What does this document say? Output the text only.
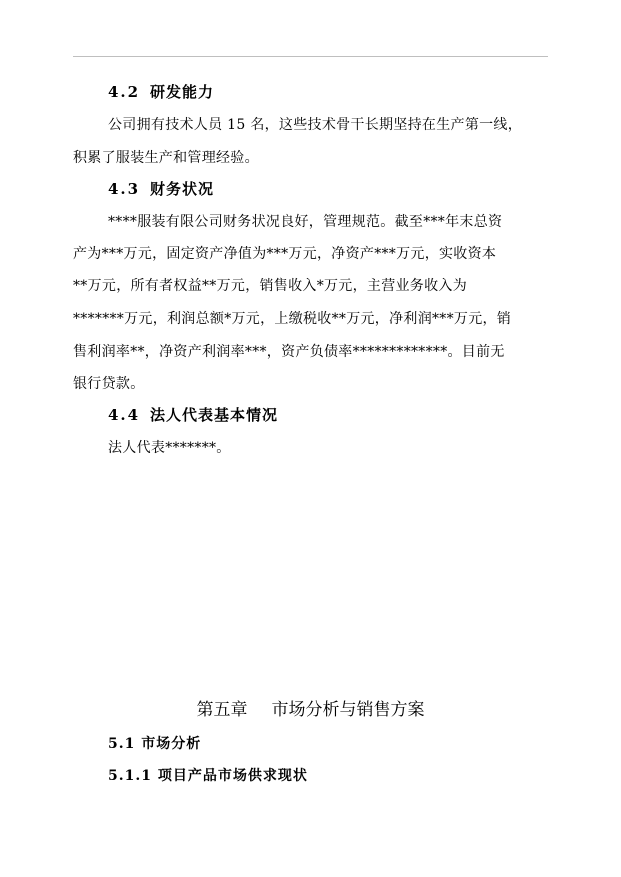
4.2 研发能力
公司拥有技术人员 15 名，这些技术骨干长期坚持在生产第一线，
积累了服装生产和管理经验。
4.3 财务状况
****服装有限公司财务状况良好，管理规范。截至***年末总资
产为***万元，固定资产净值为***万元，净资产***万元，实收资本
**万元，所有者权益**万元，销售收入*万元，主营业务收入为
*******万元，利润总额*万元，上缴税收**万元，净利润***万元，销
售利润率**，净资产利润率***，资产负债率*************。目前无
银行贷款。
4.4 法人代表基本情况
法人代表*******。
第五章 市场分析与销售方案
5.1 市场分析
5.1.1 项目产品市场供求现状
